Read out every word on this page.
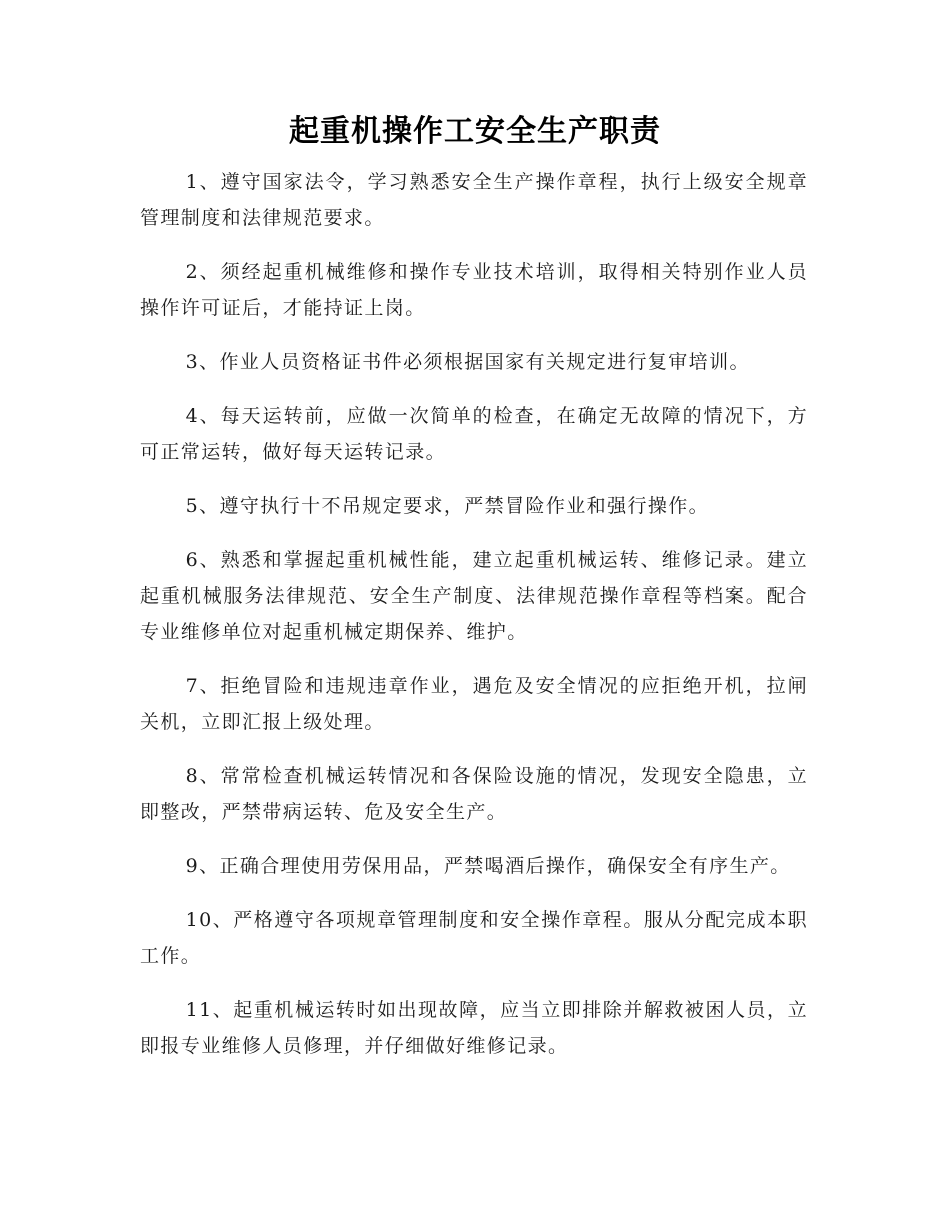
起重机操作工安全生产职责

1、遵守国家法令，学习熟悉安全生产操作章程，执行上级安全规章管理制度和法律规范要求。

2、须经起重机械维修和操作专业技术培训，取得相关特别作业人员操作许可证后，才能持证上岗。

3、作业人员资格证书件必须根据国家有关规定进行复审培训。

4、每天运转前，应做一次简单的检查，在确定无故障的情况下，方可正常运转，做好每天运转记录。

5、遵守执行十不吊规定要求，严禁冒险作业和强行操作。

6、熟悉和掌握起重机械性能，建立起重机械运转、维修记录。建立起重机械服务法律规范、安全生产制度、法律规范操作章程等档案。配合专业维修单位对起重机械定期保养、维护。

7、拒绝冒险和违规违章作业，遇危及安全情况的应拒绝开机，拉闸关机，立即汇报上级处理。

8、常常检查机械运转情况和各保险设施的情况，发现安全隐患，立即整改，严禁带病运转、危及安全生产。

9、正确合理使用劳保用品，严禁喝酒后操作，确保安全有序生产。

10、严格遵守各项规章管理制度和安全操作章程。服从分配完成本职工作。

11、起重机械运转时如出现故障，应当立即排除并解救被困人员，立即报专业维修人员修理，并仔细做好维修记录。
